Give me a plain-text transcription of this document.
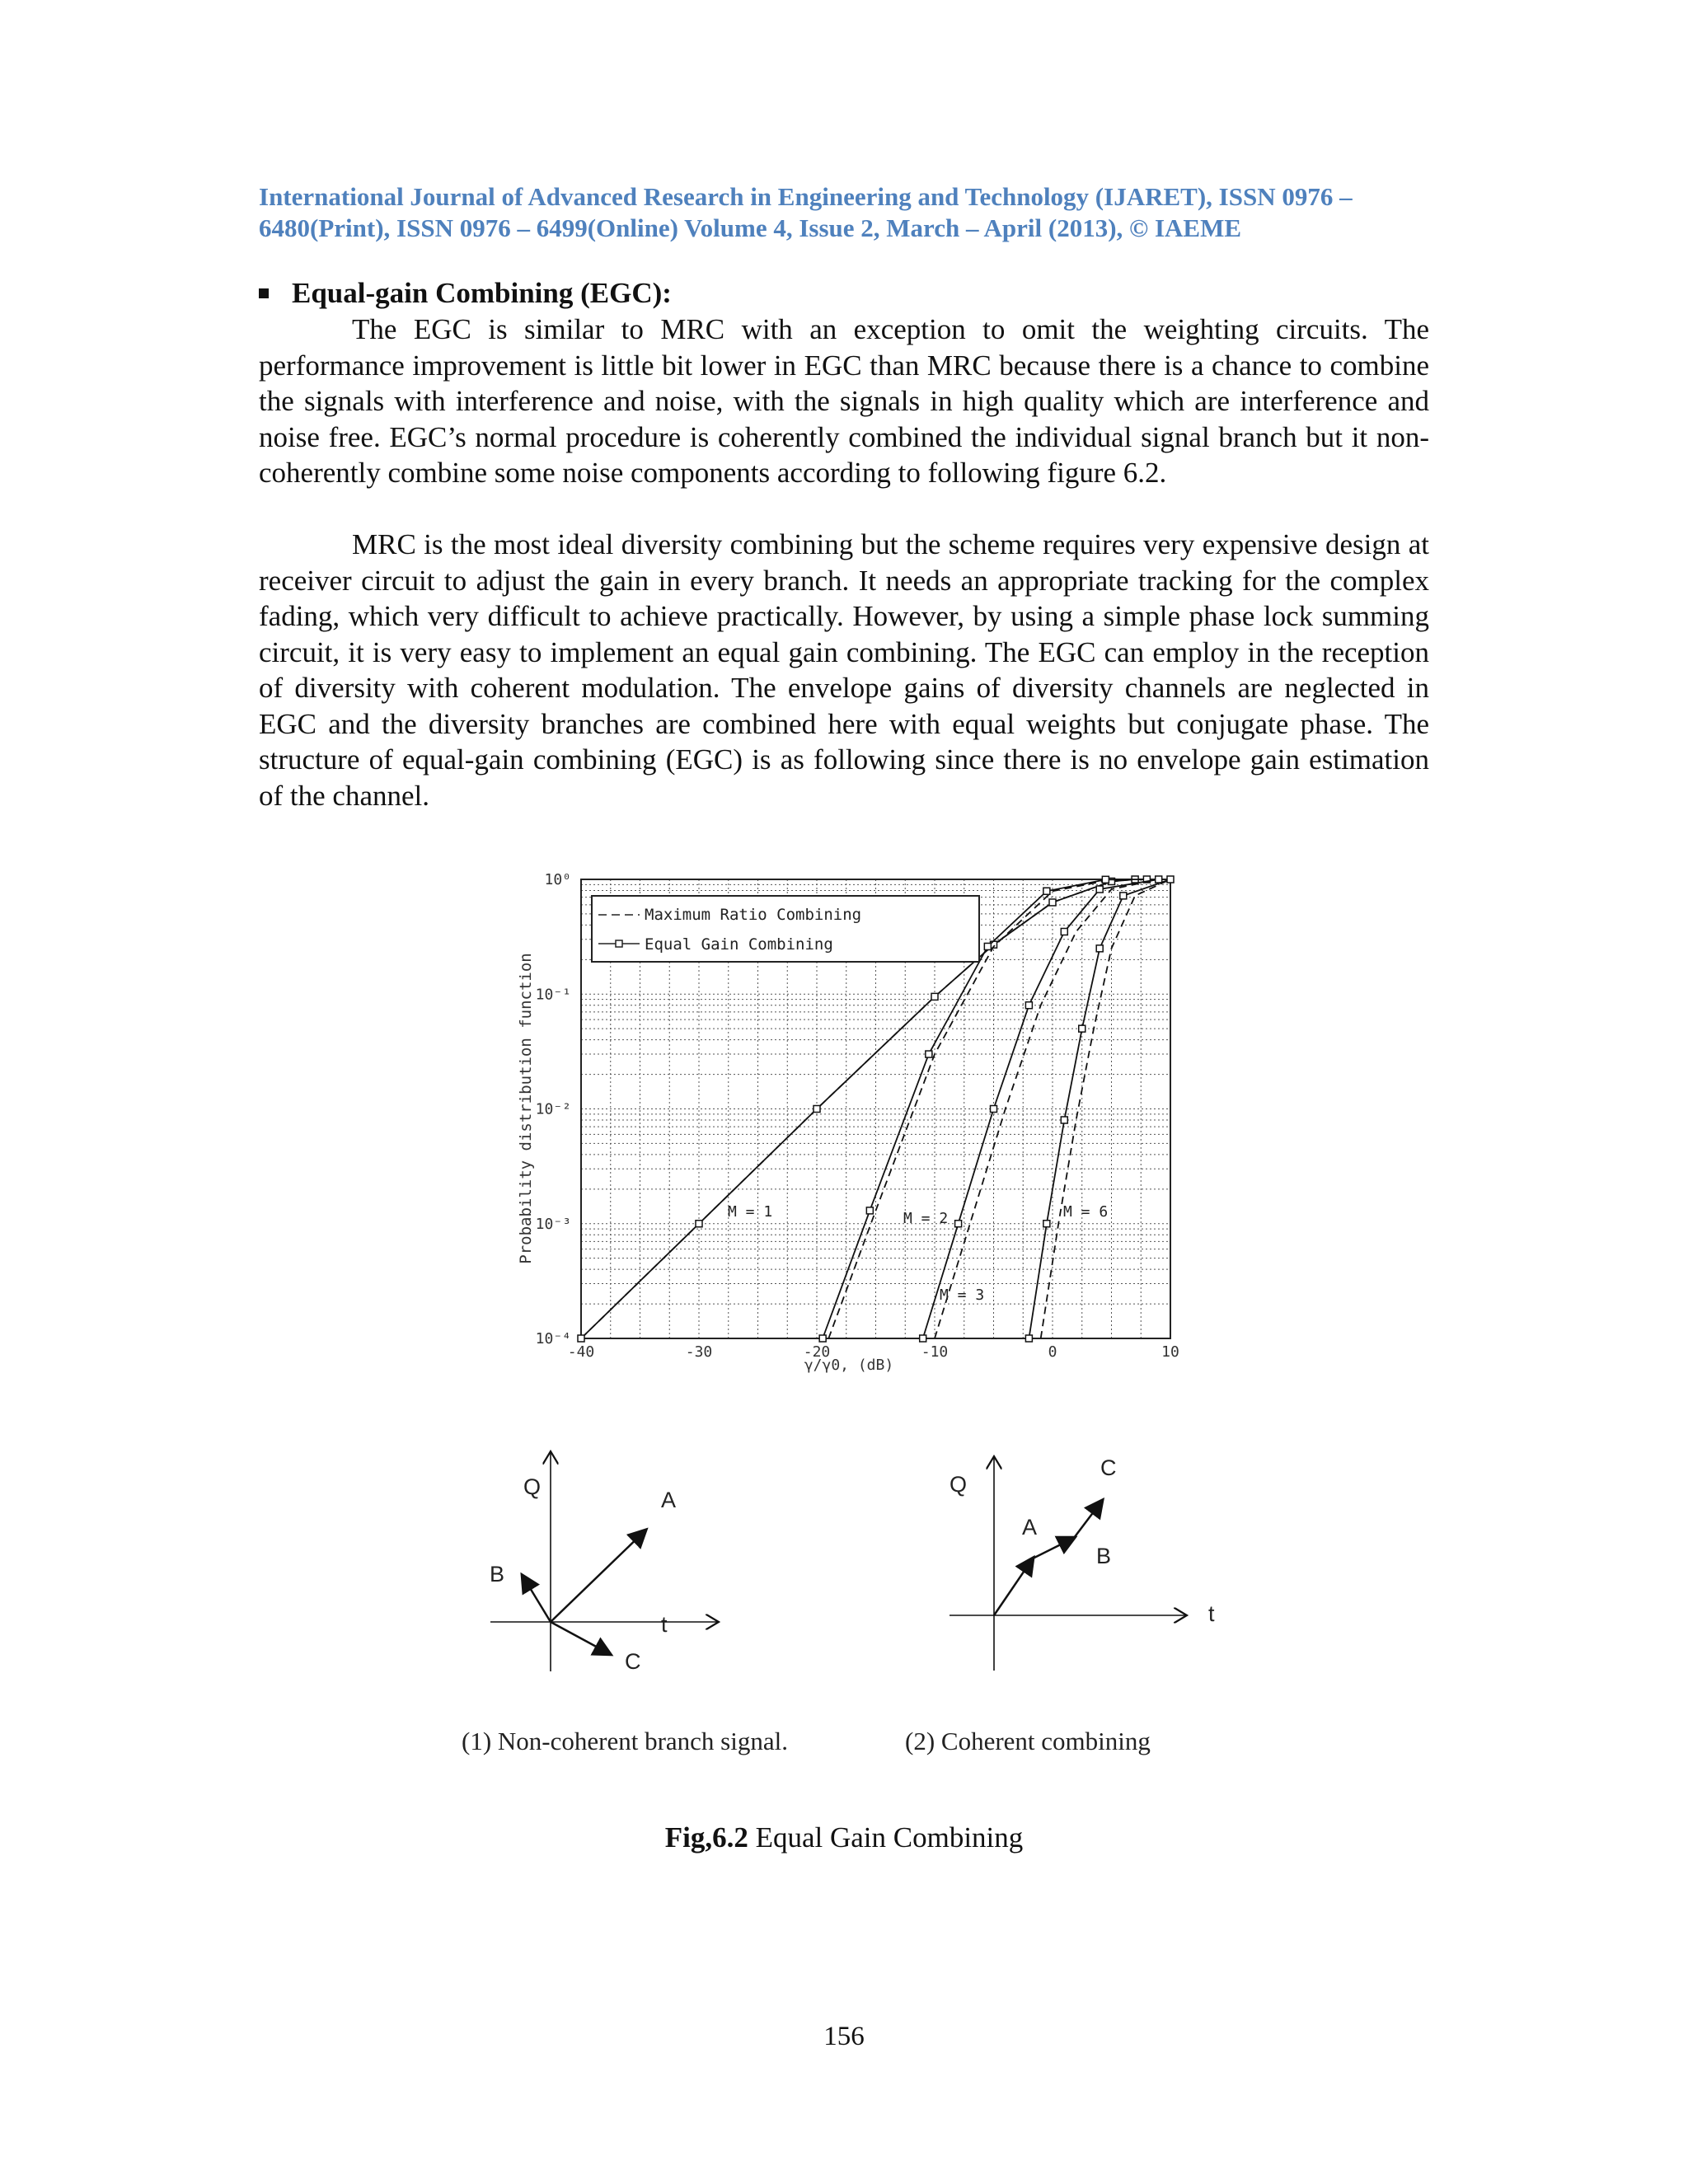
International Journal of Advanced Research in Engineering and Technology (IJARET), ISSN 0976 –
6480(Print), ISSN 0976 – 6499(Online) Volume 4, Issue 2, March – April (2013), © IAEME
Equal-gain Combining (EGC):
The EGC is similar to MRC with an exception to omit the weighting circuits. The performance improvement is little bit lower in EGC than MRC because there is a chance to combine the signals with interference and noise, with the signals in high quality which are interference and noise free. EGC’s normal procedure is coherently combined the individual signal branch but it non-coherently combine some noise components according to following figure 6.2.
MRC is the most ideal diversity combining but the scheme requires very expensive design at receiver circuit to adjust the gain in every branch. It needs an appropriate tracking for the complex fading, which very difficult to achieve practically. However, by using a simple phase lock summing circuit, it is very easy to implement an equal gain combining. The EGC can employ in the reception of diversity with coherent modulation. The envelope gains of diversity channels are neglected in EGC and the diversity branches are combined here with equal weights but conjugate phase. The structure of equal-gain combining (EGC) is as following since there is no envelope gain estimation of the channel.
-40	-30	-20	-10	0	10
10⁰
10⁻¹
10⁻²
10⁻³
10⁻⁴
Probability distribution function
γ/γ0, (dB)
Maximum Ratio Combining
Equal Gain Combining
M = 1	M = 2
M = 3
M = 6
Q
t
A
B
C
Q
t
A
B
C
(1) Non-coherent branch signal.	(2) Coherent combining
Fig,6.2 Equal Gain Combining
156
